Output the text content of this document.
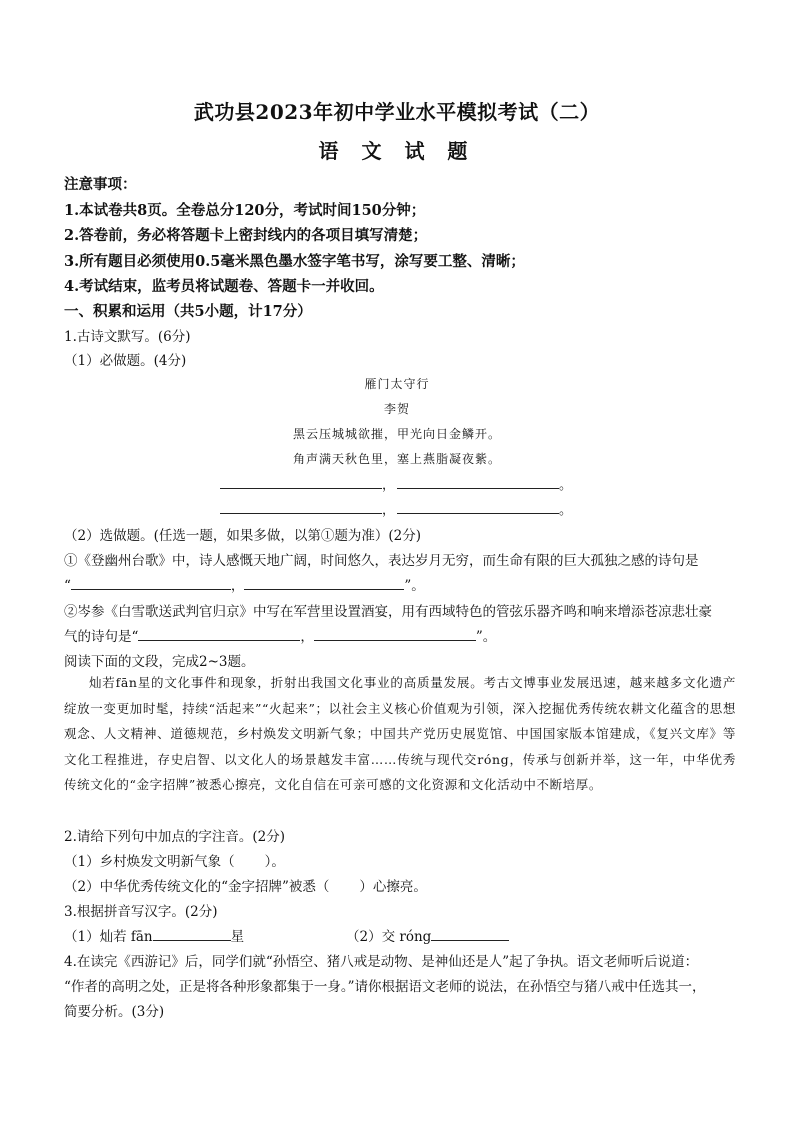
武功县2023年初中学业水平模拟考试（二）
语 文 试 题
注意事项：
1.本试卷共8页。全卷总分120分，考试时间150分钟；
2.答卷前，务必将答题卡上密封线内的各项目填写清楚；
3.所有题目必须使用0.5毫米黑色墨水签字笔书写，涂写要工整、清晰；
4.考试结束，监考员将试题卷、答题卡一并收回。
一、积累和运用（共5小题，计17分）
1.古诗文默写。(6分)
（1）必做题。(4分)
雁门太守行
李贺
黑云压城城欲摧，甲光向日金鳞开。
角声满天秋色里，塞上燕脂凝夜紫。
，	。
，	。
（2）选做题。(任选一题，如果多做，以第①题为准）(2分)
①《登幽州台歌》中，诗人感慨天地广阔，时间悠久，表达岁月无穷，而生命有限的巨大孤独之感的诗句是
“	，	”。
②岑参《白雪歌送武判官归京》中写在军营里设置酒宴，用有西域特色的管弦乐器齐鸣和响来增添苍凉悲壮豪
气的诗句是“	，	”。
阅读下面的文段，完成2~3题。
灿若fān星的文化事件和现象，折射出我国文化事业的高质量发展。考古文博事业发展迅速，越来越多文化遗产绽放一变更加时髦，持续“活起来”“火起来”；以社会主义核心价值观为引领，深入挖掘优秀传统农耕文化蕴含的思想观念、人文精神、道德规范，乡村焕发文明新气象；中国共产党历史展览馆、中国国家版本馆建成，《复兴文库》等文化工程推进，存史启智、以文化人的场景越发丰富……传统与现代交róng，传承与创新并举，这一年，中华优秀传统文化的“金字招牌”被悉心擦亮，文化自信在可亲可感的文化资源和文化活动中不断培厚。
2.请给下列句中加点的字注音。(2分)
（1）乡村焕发文明新气象（ ）。
（2）中华优秀传统文化的“金字招牌”被悉（ ）心擦亮。
3.根据拼音写汉字。(2分)
（1）灿若 fān	星	（2）交 róng
4.在读完《西游记》后，同学们就“孙悟空、猪八戒是动物、是神仙还是人”起了争执。语文老师听后说道：
“作者的高明之处，正是将各种形象都集于一身。”请你根据语文老师的说法，在孙悟空与猪八戒中任选其一，
简要分析。(3分)
